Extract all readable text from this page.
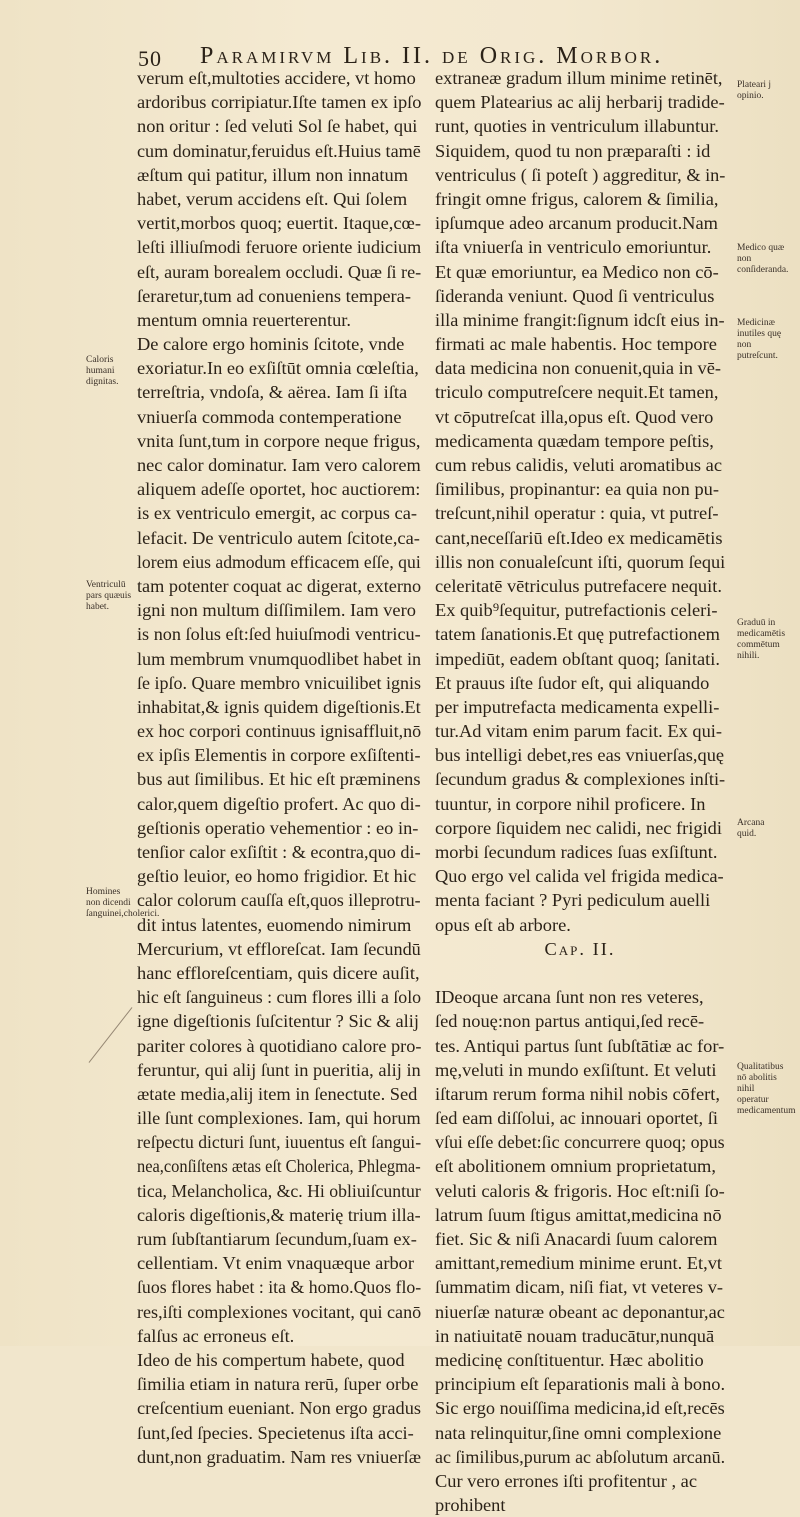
50 Paramirvm Lib. II. de Orig. Morbor.
verum eſt,multoties accidere, vt homo
ardoribus corripiatur.Iſte tamen ex ipſo
non oritur : ſed veluti Sol ſe habet, qui
cum dominatur,feruidus eſt.Huius tamē
æſtum qui patitur, illum non innatum
habet, verum accidens eſt. Qui ſolem
vertit,morbos quoq; euertit. Itaque,cœ-
leſti illiuſmodi feruore oriente iudicium
eſt, auram borealem occludi. Quæ ſi re-
ſeraretur,tum ad conueniens tempera-
mentum omnia reuerterentur.
De calore ergo hominis ſcitote, vnde
exoriatur.In eo exſiſtūt omnia cœleſtia,
terreſtria, vndoſa, & aërea. Iam ſi iſta
vniuerſa commoda contemperatione
vnita ſunt,tum in corpore neque frigus,
nec calor dominatur. Iam vero calorem
aliquem adeſſe oportet, hoc auctiorem:
is ex ventriculo emergit, ac corpus ca-
lefacit. De ventriculo autem ſcitote,ca-
lorem eius admodum efficacem eſſe, qui
tam potenter coquat ac digerat, externo
igni non multum diſſimilem. Iam vero
is non ſolus eſt:ſed huiuſmodi ventricu-
lum membrum vnumquodlibet habet in
ſe ipſo. Quare membro vnicuilibet ignis
inhabitat,& ignis quidem digeſtionis.Et
ex hoc corpori continuus ignisaffluit,nō
ex ipſis Elementis in corpore exſiſtenti-
bus aut ſimilibus. Et hic eſt præminens
calor,quem digeſtio profert. Ac quo di-
geſtionis operatio vehementior : eo in-
tenſior calor exſiſtit : & econtra,quo di-
geſtio leuior, eo homo frigidior. Et hic
calor colorum cauſſa eſt,quos illeprotru-
dit intus latentes, euomendo nimirum
Mercurium, vt effloreſcat. Iam ſecundū
hanc effloreſcentiam, quis dicere auſit,
hic eſt ſanguineus : cum flores illi a ſolo
igne digeſtionis ſuſcitentur ? Sic & alij
pariter colores à quotidiano calore pro-
feruntur, qui alij ſunt in pueritia, alij in
ætate media,alij item in ſenectute. Sed
ille ſunt complexiones. Iam, qui horum
reſpectu dicturi ſunt, iuuentus eſt ſangui-
nea,conſiſtens ætas eſt Cholerica, Phlegma-
tica, Melancholica, &c. Hi obliuiſcuntur
caloris digeſtionis,& materię trium illa-
rum ſubſtantiarum ſecundum,ſuam ex-
cellentiam. Vt enim vnaquæque arbor
ſuos flores habet : ita & homo.Quos flo-
res,iſti complexiones vocitant, qui canō
falſus ac erroneus eſt.
Ideo de his compertum habete, quod
ſimilia etiam in natura rerū, ſuper orbe
creſcentium eueniant. Non ergo gradus
ſunt,ſed ſpecies. Specietenus iſta acci-
dunt,non graduatim. Nam res vniuerſæ
extraneæ gradum illum minime retinēt,
quem Platearius ac alij herbarij tradide-
runt, quoties in ventriculum illabuntur.
Siquidem, quod tu non præparaſti : id
ventriculus ( ſi poteſt ) aggreditur, & in-
fringit omne frigus, calorem & ſimilia,
ipſumque adeo arcanum producit.Nam
iſta vniuerſa in ventriculo emoriuntur.
Et quæ emoriuntur, ea Medico non cō-
ſideranda veniunt. Quod ſi ventriculus
illa minime frangit:ſignum idcſt eius in-
firmati ac male habentis. Hoc tempore
data medicina non conuenit,quia in vē-
triculo computreſcere nequit.Et tamen,
vt cōputreſcat illa,opus eſt. Quod vero
medicamenta quædam tempore peſtis,
cum rebus calidis, veluti aromatibus ac
ſimilibus, propinantur: ea quia non pu-
treſcunt,nihil operatur : quia, vt putreſ-
cant,neceſſariū eſt.Ideo ex medicamētis
illis non conualeſcunt iſti, quorum ſequi
celeritatē vētriculus putrefacere nequit.
Ex quib⁹ſequitur, putrefactionis celeri-
tatem ſanationis.Et quę putrefactionem
impediūt, eadem obſtant quoq; ſanitati.
Et prauus iſte ſudor eſt, qui aliquando
per imputrefacta medicamenta expelli-
tur.Ad vitam enim parum facit. Ex qui-
bus intelligi debet,res eas vniuerſas,quę
ſecundum gradus & complexiones inſti-
tuuntur, in corpore nihil proficere. In
corpore ſiquidem nec calidi, nec frigidi
morbi ſecundum radices ſuas exſiſtunt.
Quo ergo vel calida vel frigida medica-
menta faciant ? Pyri pediculum auelli
opus eſt ab arbore.
Cap. II.
IDeoque arcana ſunt non res veteres,
ſed nouę:non partus antiqui,ſed recē-
tes. Antiqui partus ſunt ſubſtātiæ ac for-
mę,veluti in mundo exſiſtunt. Et veluti
iſtarum rerum forma nihil nobis cōfert,
ſed eam diſſolui, ac innouari oportet, ſi
vſui eſſe debet:ſic concurrere quoq; opus
eſt abolitionem omnium proprietatum,
veluti caloris & frigoris. Hoc eſt:niſi ſo-
latrum ſuum ſtigus amittat,medicina nō
fiet. Sic & niſi Anacardi ſuum calorem
amittant,remedium minime erunt. Et,vt
ſummatim dicam, niſi fiat, vt veteres v-
niuerſæ naturæ obeant ac deponantur,ac
in natiuitatē nouam traducātur,nunquā
medicinę conſtituentur. Hæc abolitio
principium eſt ſeparationis mali à bono.
Sic ergo nouiſſima medicina,id eſt,recēs
nata relinquitur,ſine omni complexione
ac ſimilibus,purum ac abſolutum arcanū.
Cur vero errones iſti profitentur , ac
prohibent
Caloris humani dignitas.
Ventriculū pars quæuis habet.
Homines non dicendi ſanguinei,cholerici.
Plateari j opinio.
Medico quæ non conſideranda.
Medicinæ inutiles quę non putreſcunt.
Graduū in medicamētis commētum nihili.
Arcana quid.
Qualitatibus nō abolitis nihil operatur medicamentum
